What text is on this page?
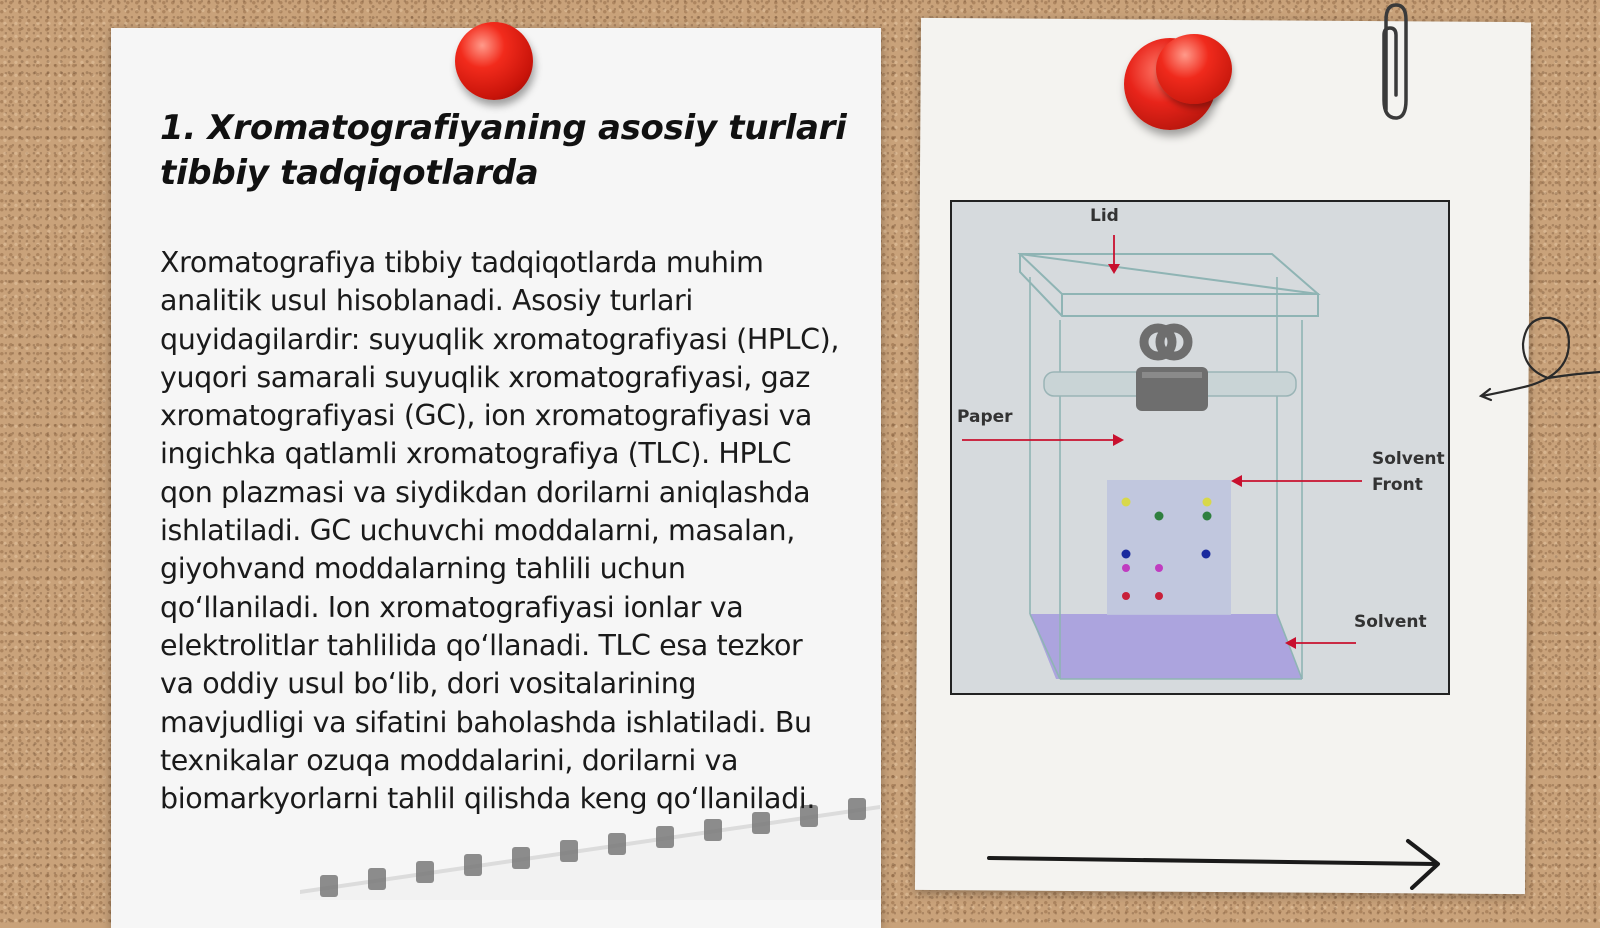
1. Xromatografiyaning asosiy turlari tibbiy tadqiqotlarda

Xromatografiya tibbiy tadqiqotlarda muhim analitik usul hisoblanadi. Asosiy turlari quyidagilardir: suyuqlik xromatografiyasi (HPLC), yuqori samarali suyuqlik xromatografiyasi, gaz xromatografiyasi (GC), ion xromatografiyasi va ingichka qatlamli xromatografiya (TLC). HPLC qon plazmasi va siydikdan dorilarni aniqlashda ishlatiladi. GC uchuvchi moddalarni, masalan, giyohvand moddalarning tahlili uchun qo‘llaniladi. Ion xromatografiyasi ionlar va elektrolitlar tahlilida qo‘llanadi. TLC esa tezkor va oddiy usul bo‘lib, dori vositalarining mavjudligi va sifatini baholashda ishlatiladi. Bu texnikalar ozuqa moddalarini, dorilarni va biomarkyorlarni tahlil qilishda keng qo‘llaniladi.

Lid
Paper
Solvent
Front
Solvent
